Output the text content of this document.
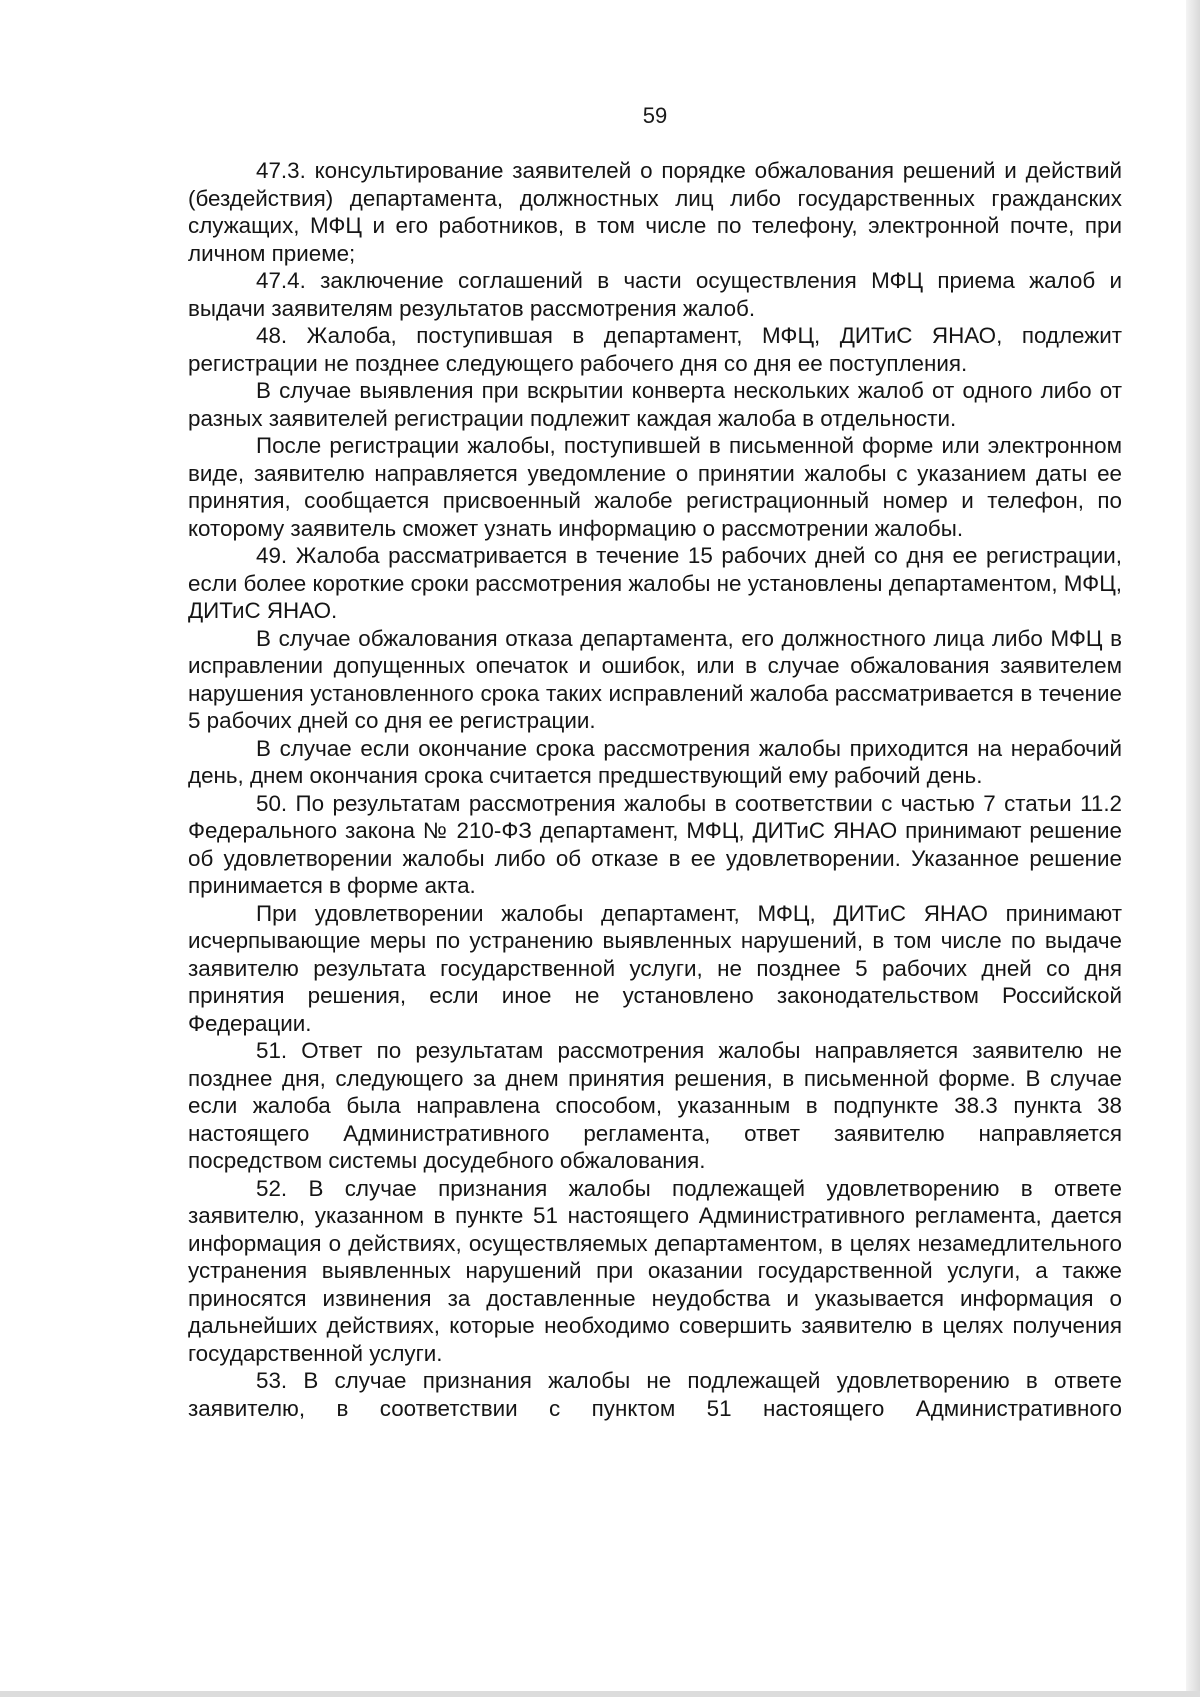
59

47.3. консультирование заявителей о порядке обжалования решений и действий (бездействия) департамента, должностных лиц либо государственных гражданских служащих, МФЦ и его работников, в том числе по телефону, электронной почте, при личном приеме;

47.4. заключение соглашений в части осуществления МФЦ приема жалоб и выдачи заявителям результатов рассмотрения жалоб.

48. Жалоба, поступившая в департамент, МФЦ, ДИТиС ЯНАО, подлежит регистрации не позднее следующего рабочего дня со дня ее поступления.

В случае выявления при вскрытии конверта нескольких жалоб от одного либо от разных заявителей регистрации подлежит каждая жалоба в отдельности.

После регистрации жалобы, поступившей в письменной форме или электронном виде, заявителю направляется уведомление о принятии жалобы с указанием даты ее принятия, сообщается присвоенный жалобе регистрационный номер и телефон, по которому заявитель сможет узнать информацию о рассмотрении жалобы.

49. Жалоба рассматривается в течение 15 рабочих дней со дня ее регистрации, если более короткие сроки рассмотрения жалобы не установлены департаментом, МФЦ, ДИТиС ЯНАО.

В случае обжалования отказа департамента, его должностного лица либо МФЦ в исправлении допущенных опечаток и ошибок, или в случае обжалования заявителем нарушения установленного срока таких исправлений жалоба рассматривается в течение 5 рабочих дней со дня ее регистрации.

В случае если окончание срока рассмотрения жалобы приходится на нерабочий день, днем окончания срока считается предшествующий ему рабочий день.

50. По результатам рассмотрения жалобы в соответствии с частью 7 статьи 11.2 Федерального закона № 210-ФЗ департамент, МФЦ, ДИТиС ЯНАО принимают решение об удовлетворении жалобы либо об отказе в ее удовлетворении. Указанное решение принимается в форме акта.

При удовлетворении жалобы департамент, МФЦ, ДИТиС ЯНАО принимают исчерпывающие меры по устранению выявленных нарушений, в том числе по выдаче заявителю результата государственной услуги, не позднее 5 рабочих дней со дня принятия решения, если иное не установлено законодательством Российской Федерации.

51. Ответ по результатам рассмотрения жалобы направляется заявителю не позднее дня, следующего за днем принятия решения, в письменной форме. В случае если жалоба была направлена способом, указанным в подпункте 38.3 пункта 38 настоящего Административного регламента, ответ заявителю направляется посредством системы досудебного обжалования.

52. В случае признания жалобы подлежащей удовлетворению в ответе заявителю, указанном в пункте 51 настоящего Административного регламента, дается информация о действиях, осуществляемых департаментом, в целях незамедлительного устранения выявленных нарушений при оказании государственной услуги, а также приносятся извинения за доставленные неудобства и указывается информация о дальнейших действиях, которые необходимо совершить заявителю в целях получения государственной услуги.

53. В случае признания жалобы не подлежащей удовлетворению в ответе заявителю, в соответствии с пунктом 51 настоящего Административного
